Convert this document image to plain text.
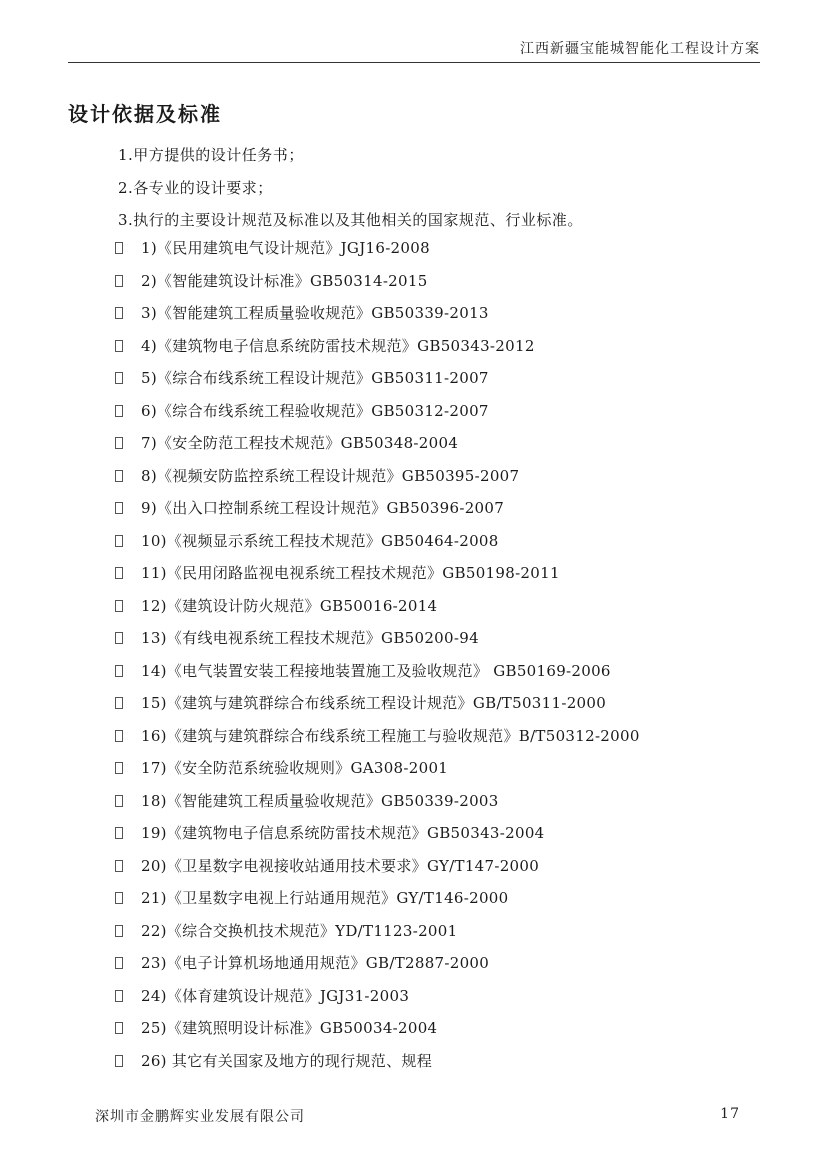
江西新疆宝能城智能化工程设计方案
设计依据及标准
1.甲方提供的设计任务书；
2.各专业的设计要求；
3.执行的主要设计规范及标准以及其他相关的国家规范、行业标准。
1)《民用建筑电气设计规范》JGJ16-2008
2)《智能建筑设计标准》GB50314-2015
3)《智能建筑工程质量验收规范》GB50339-2013
4)《建筑物电子信息系统防雷技术规范》GB50343-2012
5)《综合布线系统工程设计规范》GB50311-2007
6)《综合布线系统工程验收规范》GB50312-2007
7)《安全防范工程技术规范》GB50348-2004
8)《视频安防监控系统工程设计规范》GB50395-2007
9)《出入口控制系统工程设计规范》GB50396-2007
10)《视频显示系统工程技术规范》GB50464-2008
11)《民用闭路监视电视系统工程技术规范》GB50198-2011
12)《建筑设计防火规范》GB50016-2014
13)《有线电视系统工程技术规范》GB50200-94
14)《电气装置安装工程接地装置施工及验收规范》 GB50169-2006
15)《建筑与建筑群综合布线系统工程设计规范》GB/T50311-2000
16)《建筑与建筑群综合布线系统工程施工与验收规范》B/T50312-2000
17)《安全防范系统验收规则》GA308-2001
18)《智能建筑工程质量验收规范》GB50339-2003
19)《建筑物电子信息系统防雷技术规范》GB50343-2004
20)《卫星数字电视接收站通用技术要求》GY/T147-2000
21)《卫星数字电视上行站通用规范》GY/T146-2000
22)《综合交换机技术规范》YD/T1123-2001
23)《电子计算机场地通用规范》GB/T2887-2000
24)《体育建筑设计规范》JGJ31-2003
25)《建筑照明设计标准》GB50034-2004
26) 其它有关国家及地方的现行规范、规程
深圳市金鹏辉实业发展有限公司	17
